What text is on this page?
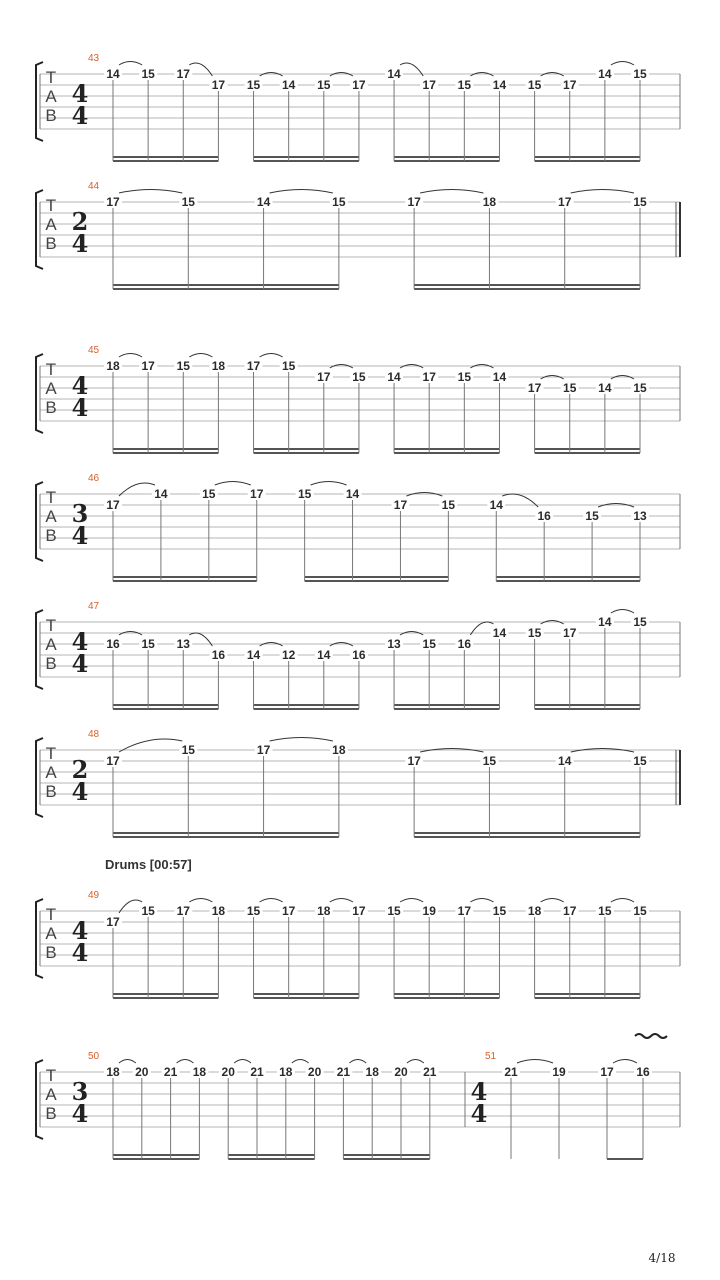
T
A
B
43
4
4
14 15 17
17 15 14 15 17
14
17 15 14 15 17
14 15
T
A
B
44
2
4
17	15	14	15	17	18	17	15
T
A
B
45
4
4
18 17 15 18 17 15
17 15 14 17 15 14
17 15 14 15
T
A
B
46
3
4
17
14	15	17	15	14
17	15	14
16	15	13
T
A
B
47
4
4
16 15 13
16 14 12 14 16
13 15 16
14 15 17
14 15
T
A
B
48
2
4
17
15	17	18
17	15	14	15
T
A
B
Drums [00:57]
49
4
4
17
15 17 18 15 17 18 17 15 19 17 15 18 17 15 15
T
A
B
50
3
4
18 20 21 18 20 21 18 20 21 18 20 21
51
4
4
21	19	17 16
4/18
